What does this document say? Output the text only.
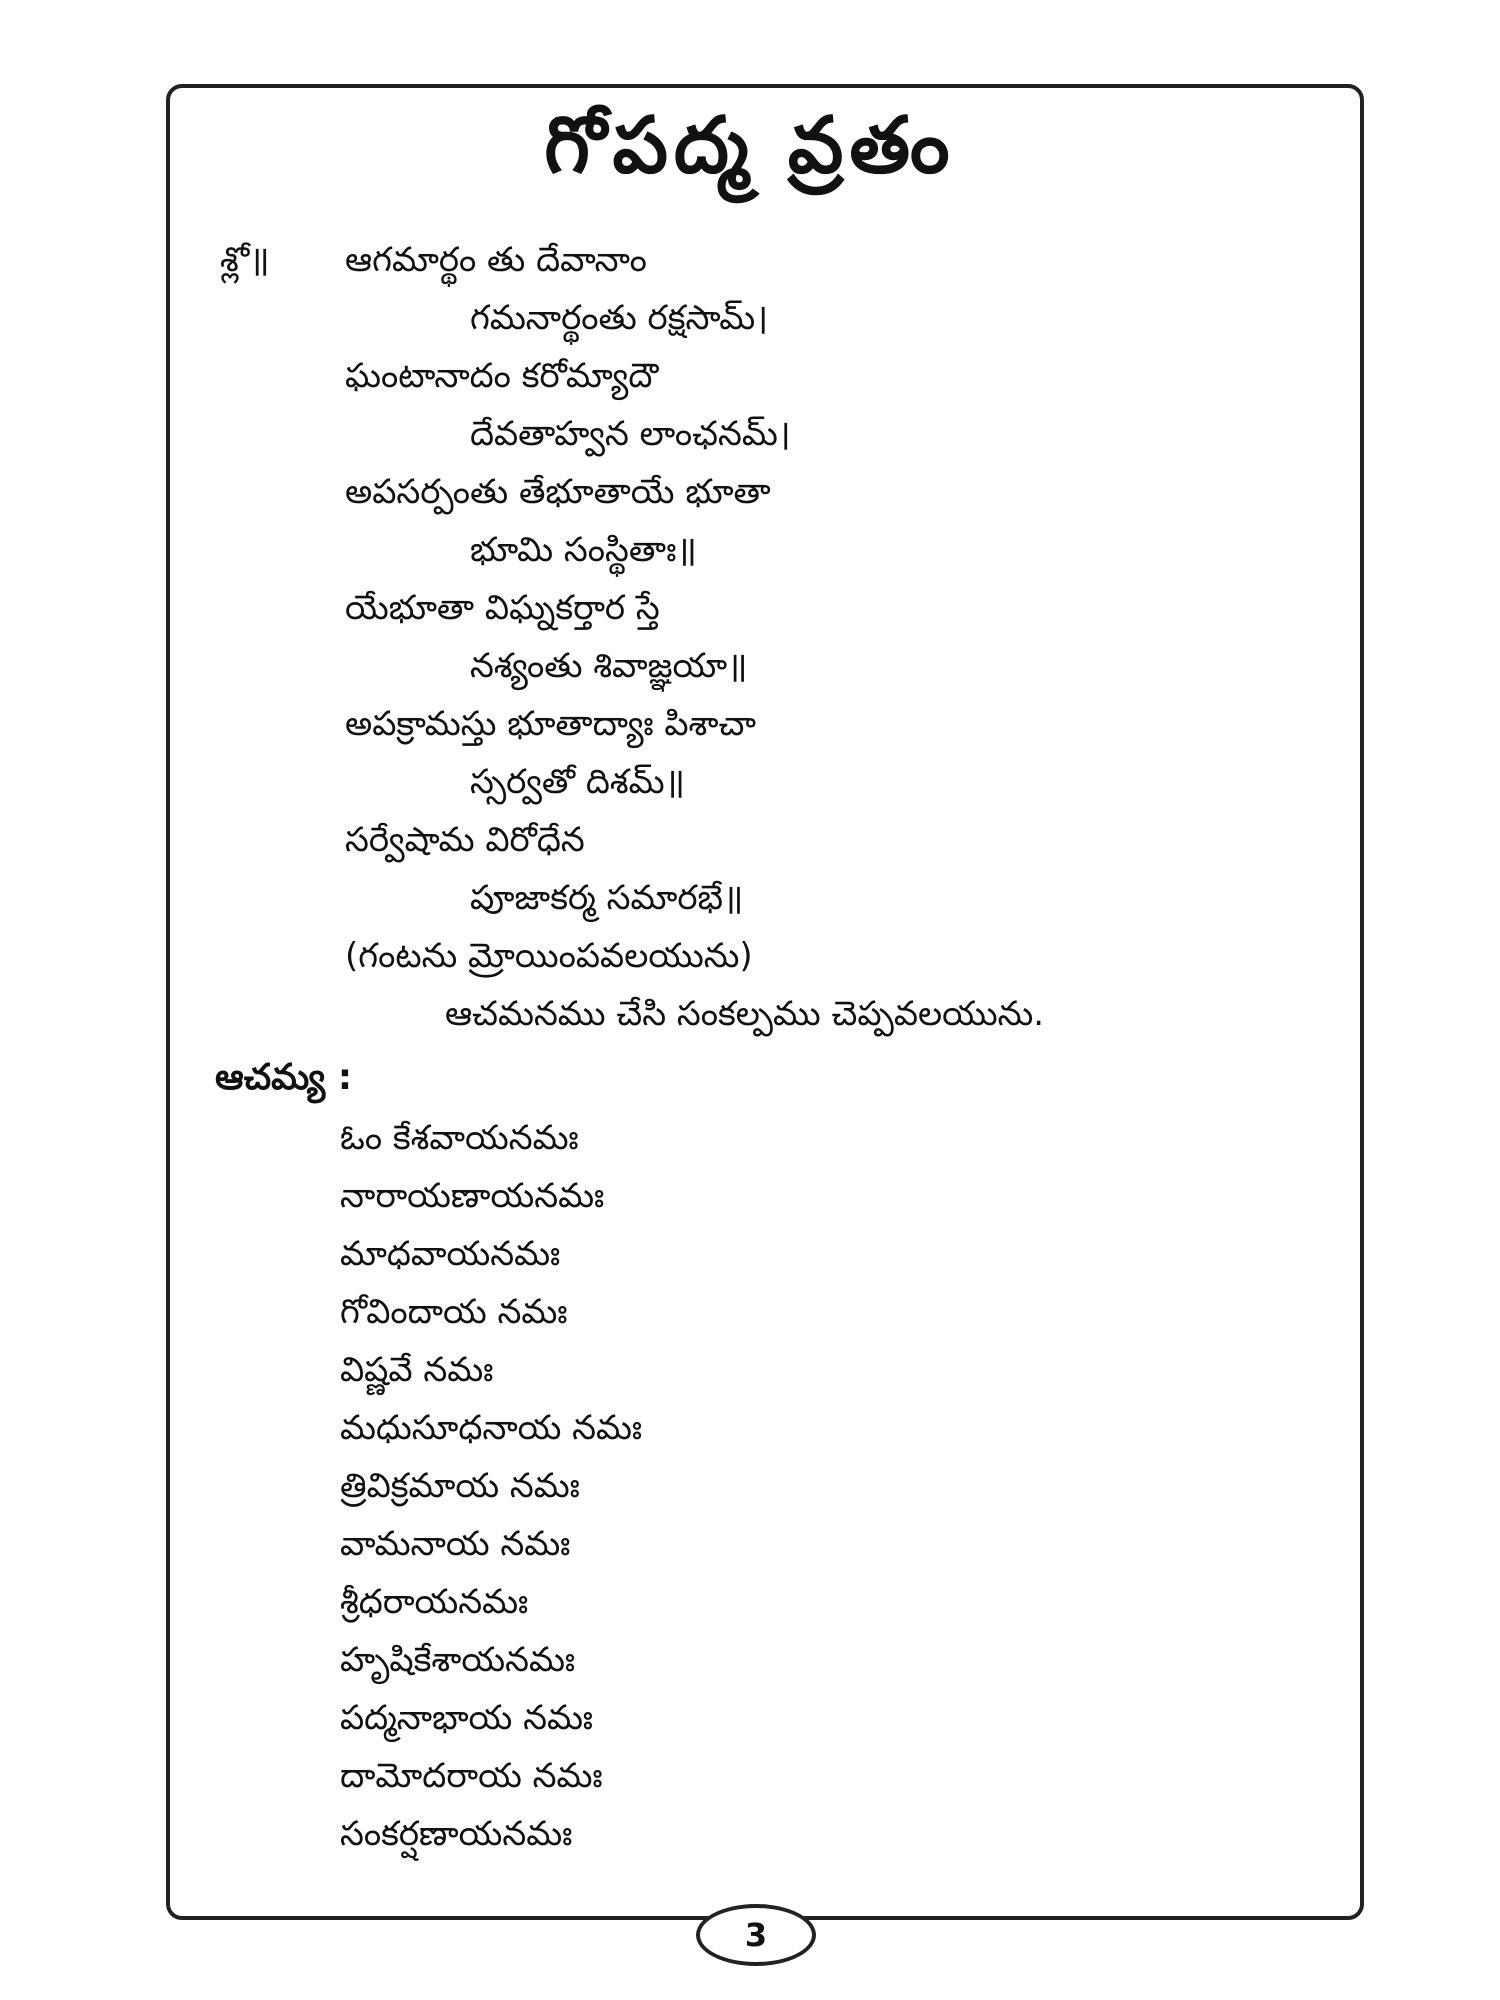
గోపద్మ వ్రతం
శ్లో॥ ఆగమార్థం తు దేవానాం
గమనార్థంతు రక్షసామ్।
ఘంటానాదం కరోమ్యాదౌ
దేవతాహ్వన లాంఛనమ్।
అపసర్పంతు తేభూతాయే భూతా
భూమి సంస్థితాః॥
యేభూతా విఘ్నకర్తార స్తే
నశ్యంతు శివాజ్ఞయా॥
అపక్రామస్తు భూతాద్యాః పిశాచా
స్సర్వతో దిశమ్॥
సర్వేషామ విరోధేన
పూజాకర్మ సమారభే॥
(గంటను మ్రోయింపవలయును)
ఆచమనము చేసి సంకల్పము చెప్పవలయును.
ఆచమ్య :
ఓం కేశవాయనమః
నారాయణాయనమః
మాధవాయనమః
గోవిందాయ నమః
విష్ణవే నమః
మధుసూధనాయ నమః
త్రివిక్రమాయ నమః
వామనాయ నమః
శ్రీధరాయనమః
హృషికేశాయనమః
పద్మనాభాయ నమః
దామోదరాయ నమః
సంకర్షణాయనమః
3
